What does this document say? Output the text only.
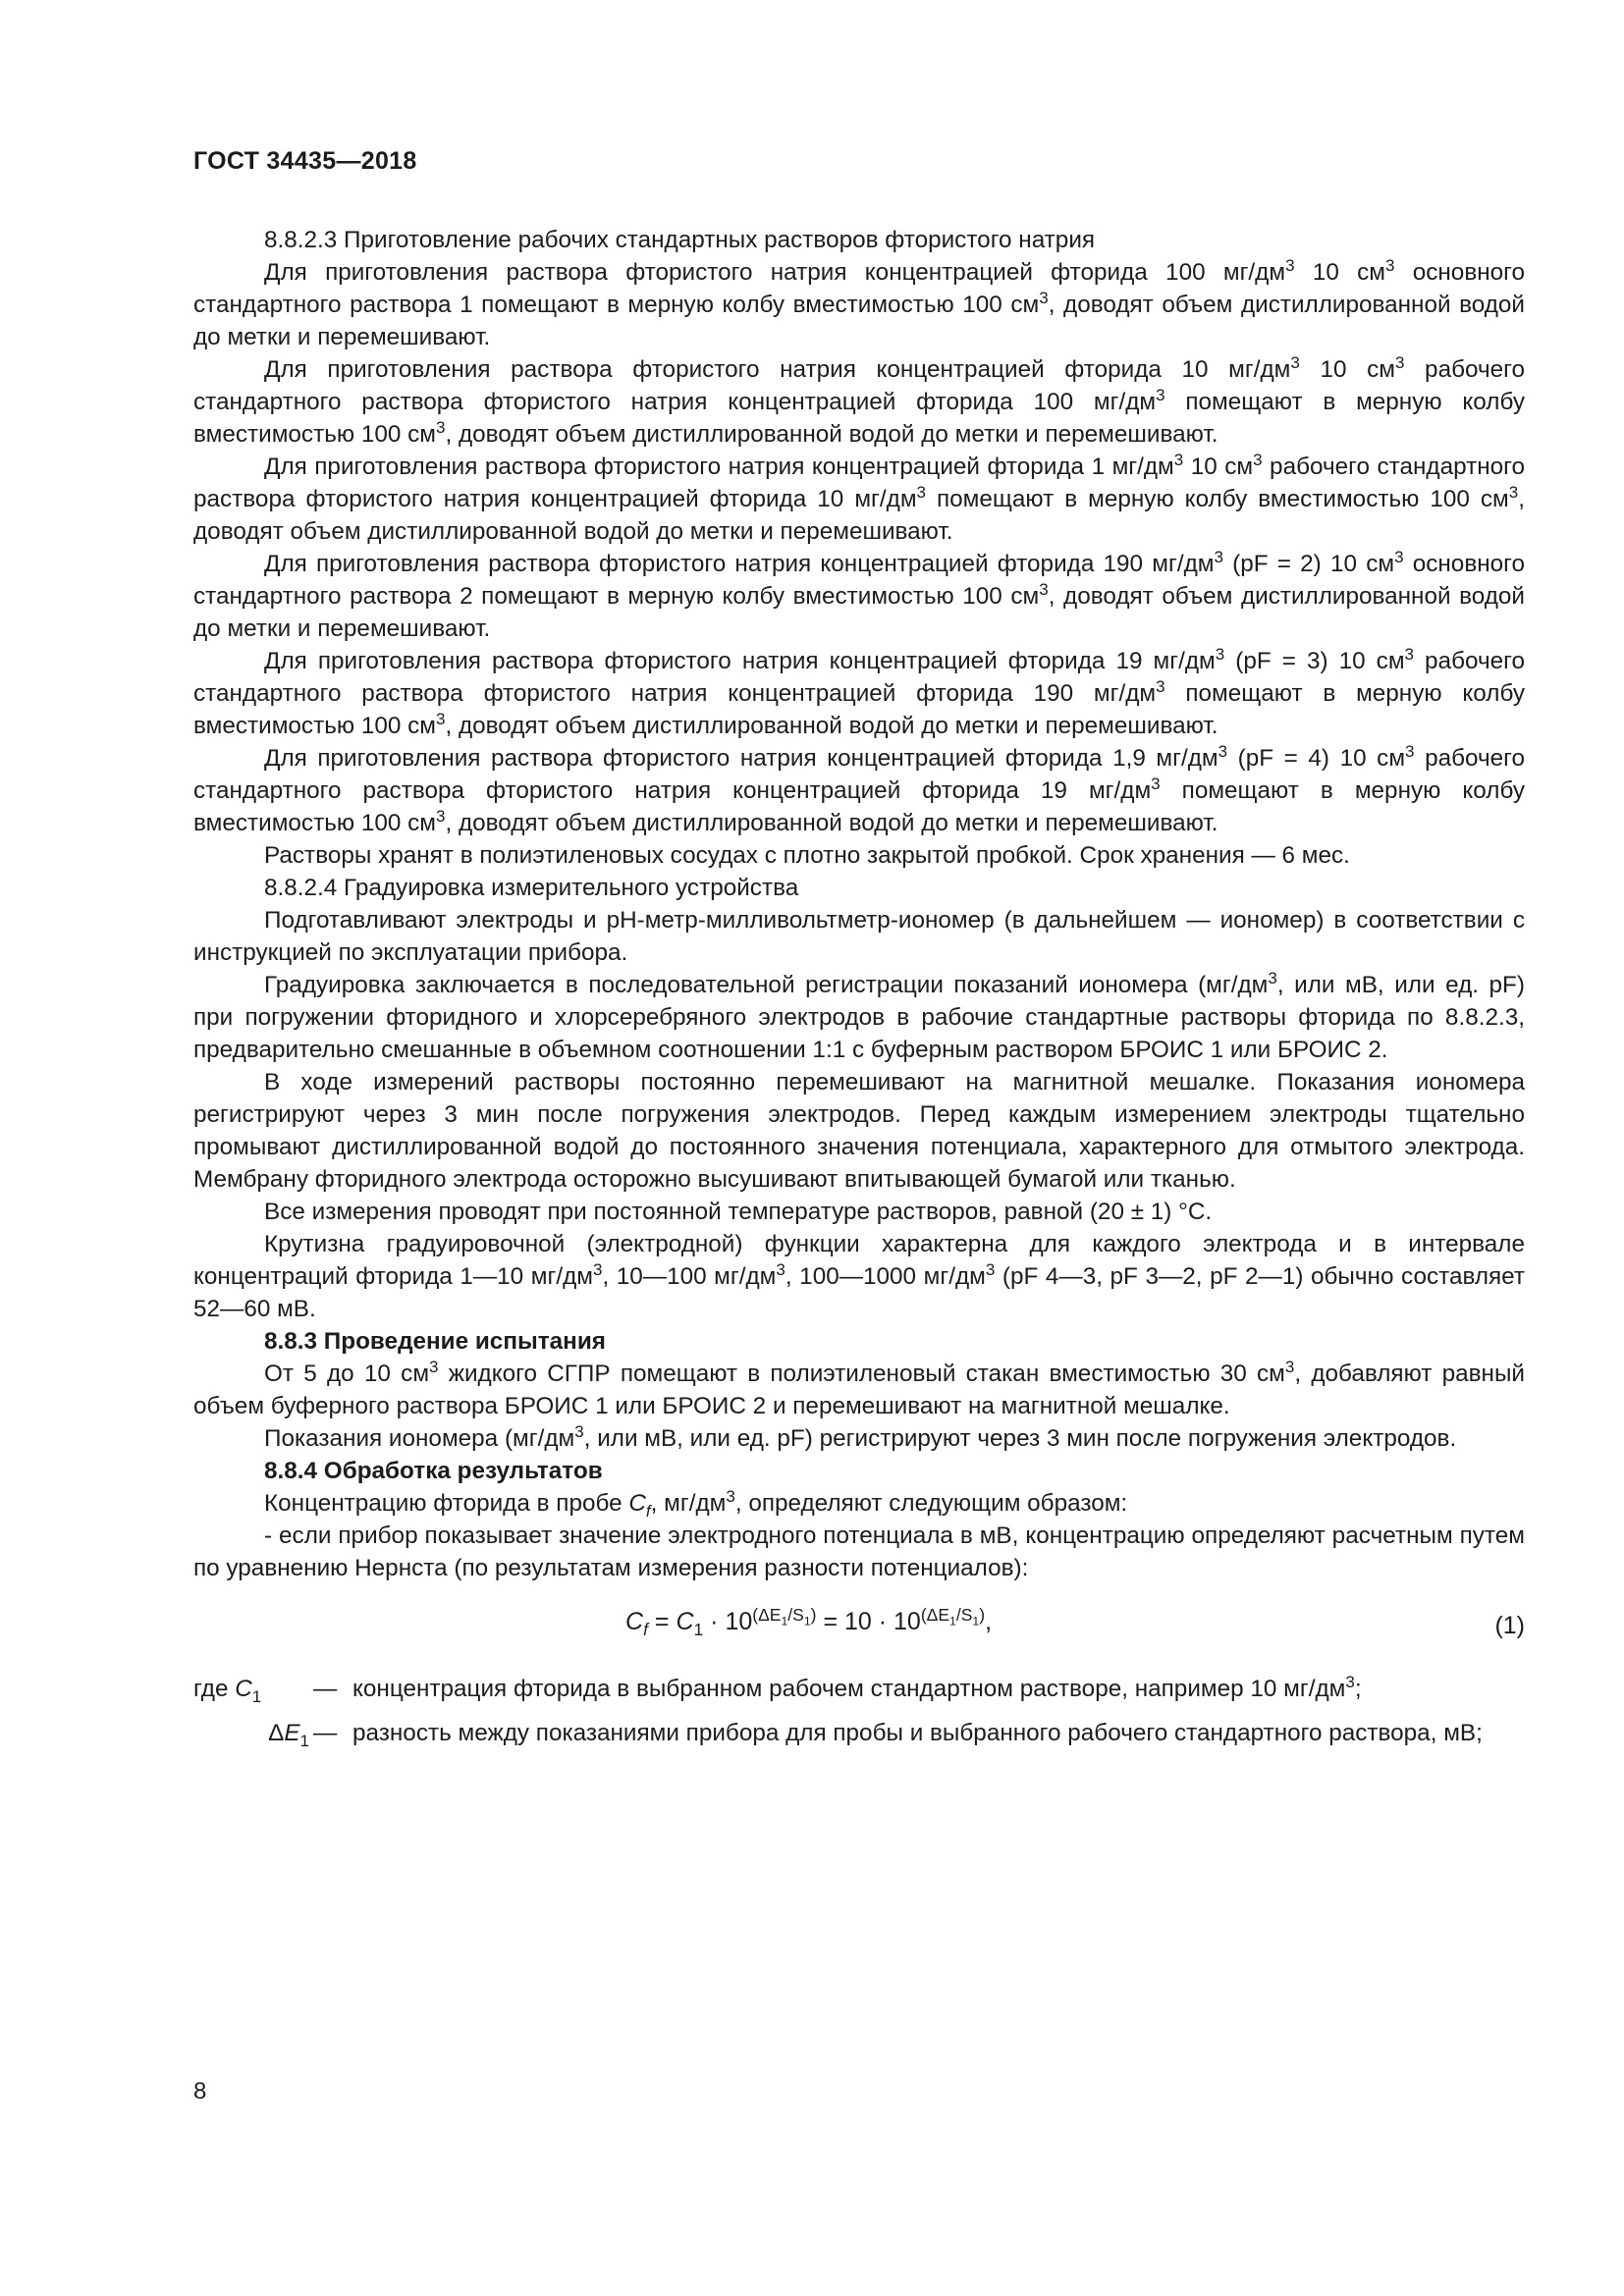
ГОСТ 34435—2018

8.8.2.3 Приготовление рабочих стандартных растворов фтористого натрия

Для приготовления раствора фтористого натрия концентрацией фторида 100 $мг/дм^3$ 10 $см^3$ основного стандартного раствора 1 помещают в мерную колбу вместимостью 100 $см^3$, доводят объем дистиллированной водой до метки и перемешивают.

Для приготовления раствора фтористого натрия концентрацией фторида 10 $мг/дм^3$ 10 $см^3$ рабочего стандартного раствора фтористого натрия концентрацией фторида 100 $мг/дм^3$ помещают в мерную колбу вместимостью 100 $см^3$, доводят объем дистиллированной водой до метки и перемешивают.

Для приготовления раствора фтористого натрия концентрацией фторида 1 $мг/дм^3$ 10 $см^3$ рабочего стандартного раствора фтористого натрия концентрацией фторида 10 $мг/дм^3$ помещают в мерную колбу вместимостью 100 $см^3$, доводят объем дистиллированной водой до метки и перемешивают.

Для приготовления раствора фтористого натрия концентрацией фторида 190 $мг/дм^3$ (pF = 2) 10 $см^3$ основного стандартного раствора 2 помещают в мерную колбу вместимостью 100 $см^3$, доводят объем дистиллированной водой до метки и перемешивают.

Для приготовления раствора фтористого натрия концентрацией фторида 19 $мг/дм^3$ (pF = 3) 10 $см^3$ рабочего стандартного раствора фтористого натрия концентрацией фторида 190 $мг/дм^3$ помещают в мерную колбу вместимостью 100 $см^3$, доводят объем дистиллированной водой до метки и перемешивают.

Для приготовления раствора фтористого натрия концентрацией фторида 1,9 $мг/дм^3$ (pF = 4) 10 $см^3$ рабочего стандартного раствора фтористого натрия концентрацией фторида 19 $мг/дм^3$ помещают в мерную колбу вместимостью 100 $см^3$, доводят объем дистиллированной водой до метки и перемешивают.

Растворы хранят в полиэтиленовых сосудах с плотно закрытой пробкой. Срок хранения — 6 мес.

8.8.2.4 Градуировка измерительного устройства

Подготавливают электроды и pH-метр-милливольтметр-иономер (в дальнейшем — иономер) в соответствии с инструкцией по эксплуатации прибора.

Градуировка заключается в последовательной регистрации показаний иономера ($мг/дм^3$, или мВ, или ед. pF) при погружении фторидного и хлорсеребряного электродов в рабочие стандартные растворы фторида по 8.8.2.3, предварительно смешанные в объемном соотношении 1:1 с буферным раствором БРОИС 1 или БРОИС 2.

В ходе измерений растворы постоянно перемешивают на магнитной мешалке. Показания иономера регистрируют через 3 мин после погружения электродов. Перед каждым измерением электроды тщательно промывают дистиллированной водой до постоянного значения потенциала, характерного для отмытого электрода. Мембрану фторидного электрода осторожно высушивают впитывающей бумагой или тканью.

Все измерения проводят при постоянной температуре растворов, равной (20 ± 1) °С.

Крутизна градуировочной (электродной) функции характерна для каждого электрода и в интервале концентраций фторида 1—10 $мг/дм^3$, 10—100 $мг/дм^3$, 100—1000 $мг/дм^3$ (pF 4—3, pF 3—2, pF 2—1) обычно составляет 52—60 мВ.

8.8.3 Проведение испытания

От 5 до 10 $см^3$ жидкого СГПР помещают в полиэтиленовый стакан вместимостью 30 $см^3$, добавляют равный объем буферного раствора БРОИС 1 или БРОИС 2 и перемешивают на магнитной мешалке.

Показания иономера ($мг/дм^3$, или мВ, или ед. pF) регистрируют через 3 мин после погружения электродов.

8.8.4 Обработка результатов

Концентрацию фторида в пробе $C_f$, $мг/дм^3$, определяют следующим образом:

- если прибор показывает значение электродного потенциала в мВ, концентрацию определяют расчетным путем по уравнению Нернста (по результатам измерения разности потенциалов):

$C_f = C_1 \cdot 10^{(\Delta E_1/S_1)} = 10 \cdot 10^{(\Delta E_1/S_1)}$,	(1)
где $C_1$	— концентрация фторида в выбранном рабочем стандартном растворе, например 10 $мг/дм^3$;
$\Delta E_1$ — разность между показаниями прибора для пробы и выбранного рабочего стандартного раствора, мВ;
8
